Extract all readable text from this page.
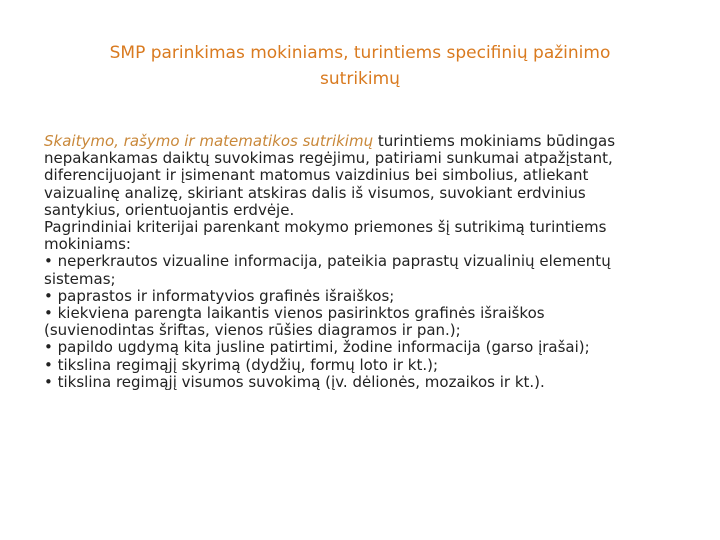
SMP parinkimas mokiniams, turintiems specifinių pažinimo
sutrikimų
Skaitymo, rašymo ir matematikos sutrikimų turintiems mokiniams būdingas
nepakankamas daiktų suvokimas regėjimu, patiriami sunkumai atpažįstant,
diferencijuojant ir įsimenant matomus vaizdinius bei simbolius, atliekant
vaizualinę analizę, skiriant atskiras dalis iš visumos, suvokiant erdvinius
santykius, orientuojantis erdvėje.
Pagrindiniai kriterijai parenkant mokymo priemones šį sutrikimą turintiems
mokiniams:
• neperkrautos vizualine informacija, pateikia paprastų vizualinių elementų
sistemas;
• paprastos ir informatyvios grafinės išraiškos;
• kiekviena parengta laikantis vienos pasirinktos grafinės išraiškos
(suvienodintas šriftas, vienos rūšies diagramos ir pan.);
• papildo ugdymą kita jusline patirtimi, žodine informacija (garso įrašai);
• tikslina regimąjį skyrimą (dydžių, formų loto ir kt.);
• tikslina regimąjį visumos suvokimą (įv. dėlionės, mozaikos ir kt.).
